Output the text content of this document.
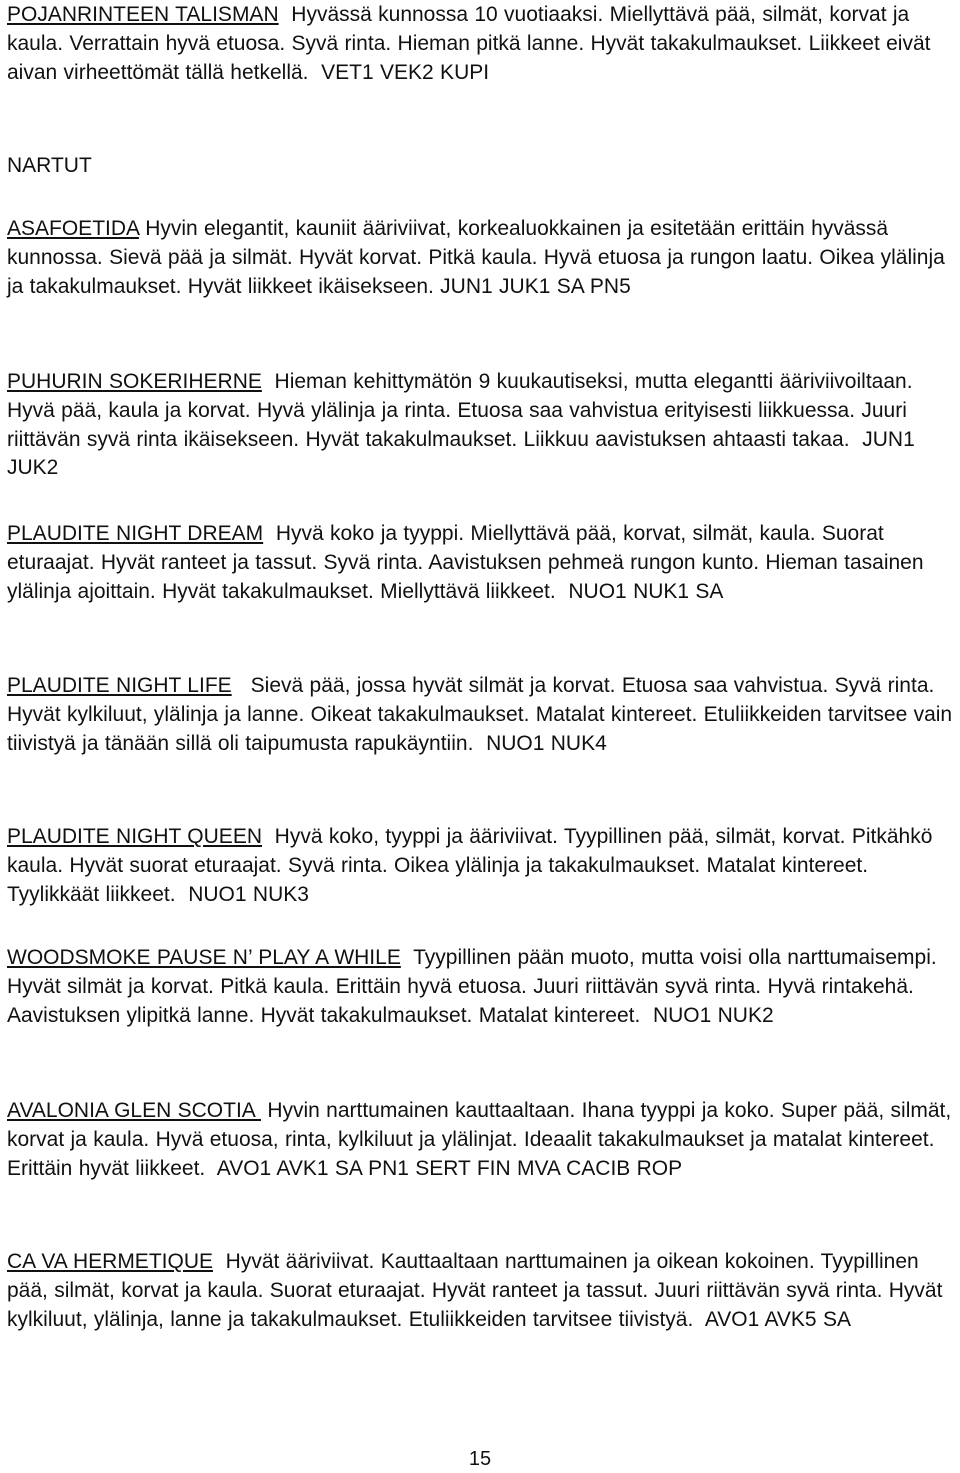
POJANRINTEEN TALISMAN  Hyvässä kunnossa 10 vuotiaaksi. Miellyttävä pää, silmät, korvat ja kaula. Verrattain hyvä etuosa. Syvä rinta. Hieman pitkä lanne. Hyvät takakulmaukset. Liikkeet eivät aivan virheettömät tällä hetkellä.  VET1 VEK2 KUPI

NARTUT

ASAFOETIDA Hyvin elegantit, kauniit ääriviivat, korkealuokkainen ja esitetään erittäin hyvässä kunnossa. Sievä pää ja silmät. Hyvät korvat. Pitkä kaula. Hyvä etuosa ja rungon laatu. Oikea ylälinja ja takakulmaukset. Hyvät liikkeet ikäisekseen. JUN1 JUK1 SA PN5

PUHURIN SOKERIHERNE  Hieman kehittymätön 9 kuukautiseksi, mutta elegantti ääriviivoiltaan. Hyvä pää, kaula ja korvat. Hyvä ylälinja ja rinta. Etuosa saa vahvistua erityisesti liikkuessa. Juuri riittävän syvä rinta ikäisekseen. Hyvät takakulmaukset. Liikkuu aavistuksen ahtaasti takaa.  JUN1 JUK2

PLAUDITE NIGHT DREAM  Hyvä koko ja tyyppi. Miellyttävä pää, korvat, silmät, kaula. Suorat eturaajat. Hyvät ranteet ja tassut. Syvä rinta. Aavistuksen pehmeä rungon kunto. Hieman tasainen ylälinja ajoittain. Hyvät takakulmaukset. Miellyttävä liikkeet.  NUO1 NUK1 SA

PLAUDITE NIGHT LIFE   Sievä pää, jossa hyvät silmät ja korvat. Etuosa saa vahvistua. Syvä rinta. Hyvät kylkiluut, ylälinja ja lanne. Oikeat takakulmaukset. Matalat kintereet. Etuliikkeiden tarvitsee vain tiivistyä ja tänään sillä oli taipumusta rapukäyntiin.  NUO1 NUK4

PLAUDITE NIGHT QUEEN  Hyvä koko, tyyppi ja ääriviivat. Tyypillinen pää, silmät, korvat. Pitkähkö kaula. Hyvät suorat eturaajat. Syvä rinta. Oikea ylälinja ja takakulmaukset. Matalat kintereet. Tyylikkäät liikkeet.  NUO1 NUK3

WOODSMOKE PAUSE N’ PLAY A WHILE  Tyypillinen pään muoto, mutta voisi olla narttumaisempi. Hyvät silmät ja korvat. Pitkä kaula. Erittäin hyvä etuosa. Juuri riittävän syvä rinta. Hyvä rintakehä. Aavistuksen ylipitkä lanne. Hyvät takakulmaukset. Matalat kintereet.  NUO1 NUK2

AVALONIA GLEN SCOTIA  Hyvin narttumainen kauttaaltaan. Ihana tyyppi ja koko. Super pää, silmät, korvat ja kaula. Hyvä etuosa, rinta, kylkiluut ja ylälinjat. Ideaalit takakulmaukset ja matalat kintereet. Erittäin hyvät liikkeet.  AVO1 AVK1 SA PN1 SERT FIN MVA CACIB ROP

CA VA HERMETIQUE  Hyvät ääriviivat. Kauttaaltaan narttumainen ja oikean kokoinen. Tyypillinen pää, silmät, korvat ja kaula. Suorat eturaajat. Hyvät ranteet ja tassut. Juuri riittävän syvä rinta. Hyvät kylkiluut, ylälinja, lanne ja takakulmaukset. Etuliikkeiden tarvitsee tiivistyä.  AVO1 AVK5 SA

15
